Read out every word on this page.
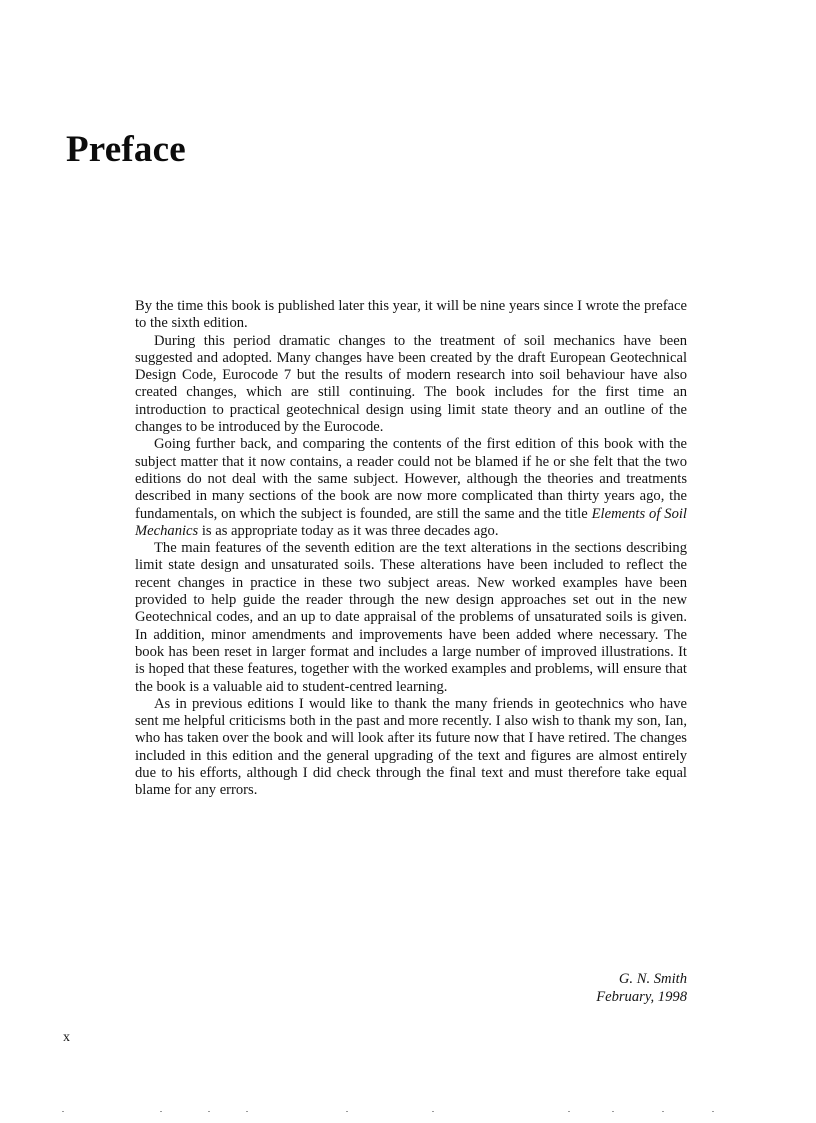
Preface

By the time this book is published later this year, it will be nine years since I wrote the preface to the sixth edition.

During this period dramatic changes to the treatment of soil mechanics have been suggested and adopted. Many changes have been created by the draft European Geotechnical Design Code, Eurocode 7 but the results of modern research into soil behaviour have also created changes, which are still continuing. The book includes for the first time an introduction to practical geotechnical design using limit state theory and an outline of the changes to be introduced by the Eurocode.

Going further back, and comparing the contents of the first edition of this book with the subject matter that it now contains, a reader could not be blamed if he or she felt that the two editions do not deal with the same subject. However, although the theories and treatments described in many sections of the book are now more complicated than thirty years ago, the fundamentals, on which the subject is founded, are still the same and the title Elements of Soil Mechanics is as appropriate today as it was three decades ago.

The main features of the seventh edition are the text alterations in the sections describing limit state design and unsaturated soils. These alterations have been included to reflect the recent changes in practice in these two subject areas. New worked examples have been provided to help guide the reader through the new design approaches set out in the new Geotechnical codes, and an up to date appraisal of the problems of unsaturated soils is given. In addition, minor amendments and improvements have been added where necessary. The book has been reset in larger format and includes a large number of improved illustrations. It is hoped that these features, together with the worked examples and problems, will ensure that the book is a valuable aid to student-centred learning.

As in previous editions I would like to thank the many friends in geotechnics who have sent me helpful criticisms both in the past and more recently. I also wish to thank my son, Ian, who has taken over the book and will look after its future now that I have retired. The changes included in this edition and the general upgrading of the text and figures are almost entirely due to his efforts, although I did check through the final text and must therefore take equal blame for any errors.

G. N. Smith
February, 1998
x
